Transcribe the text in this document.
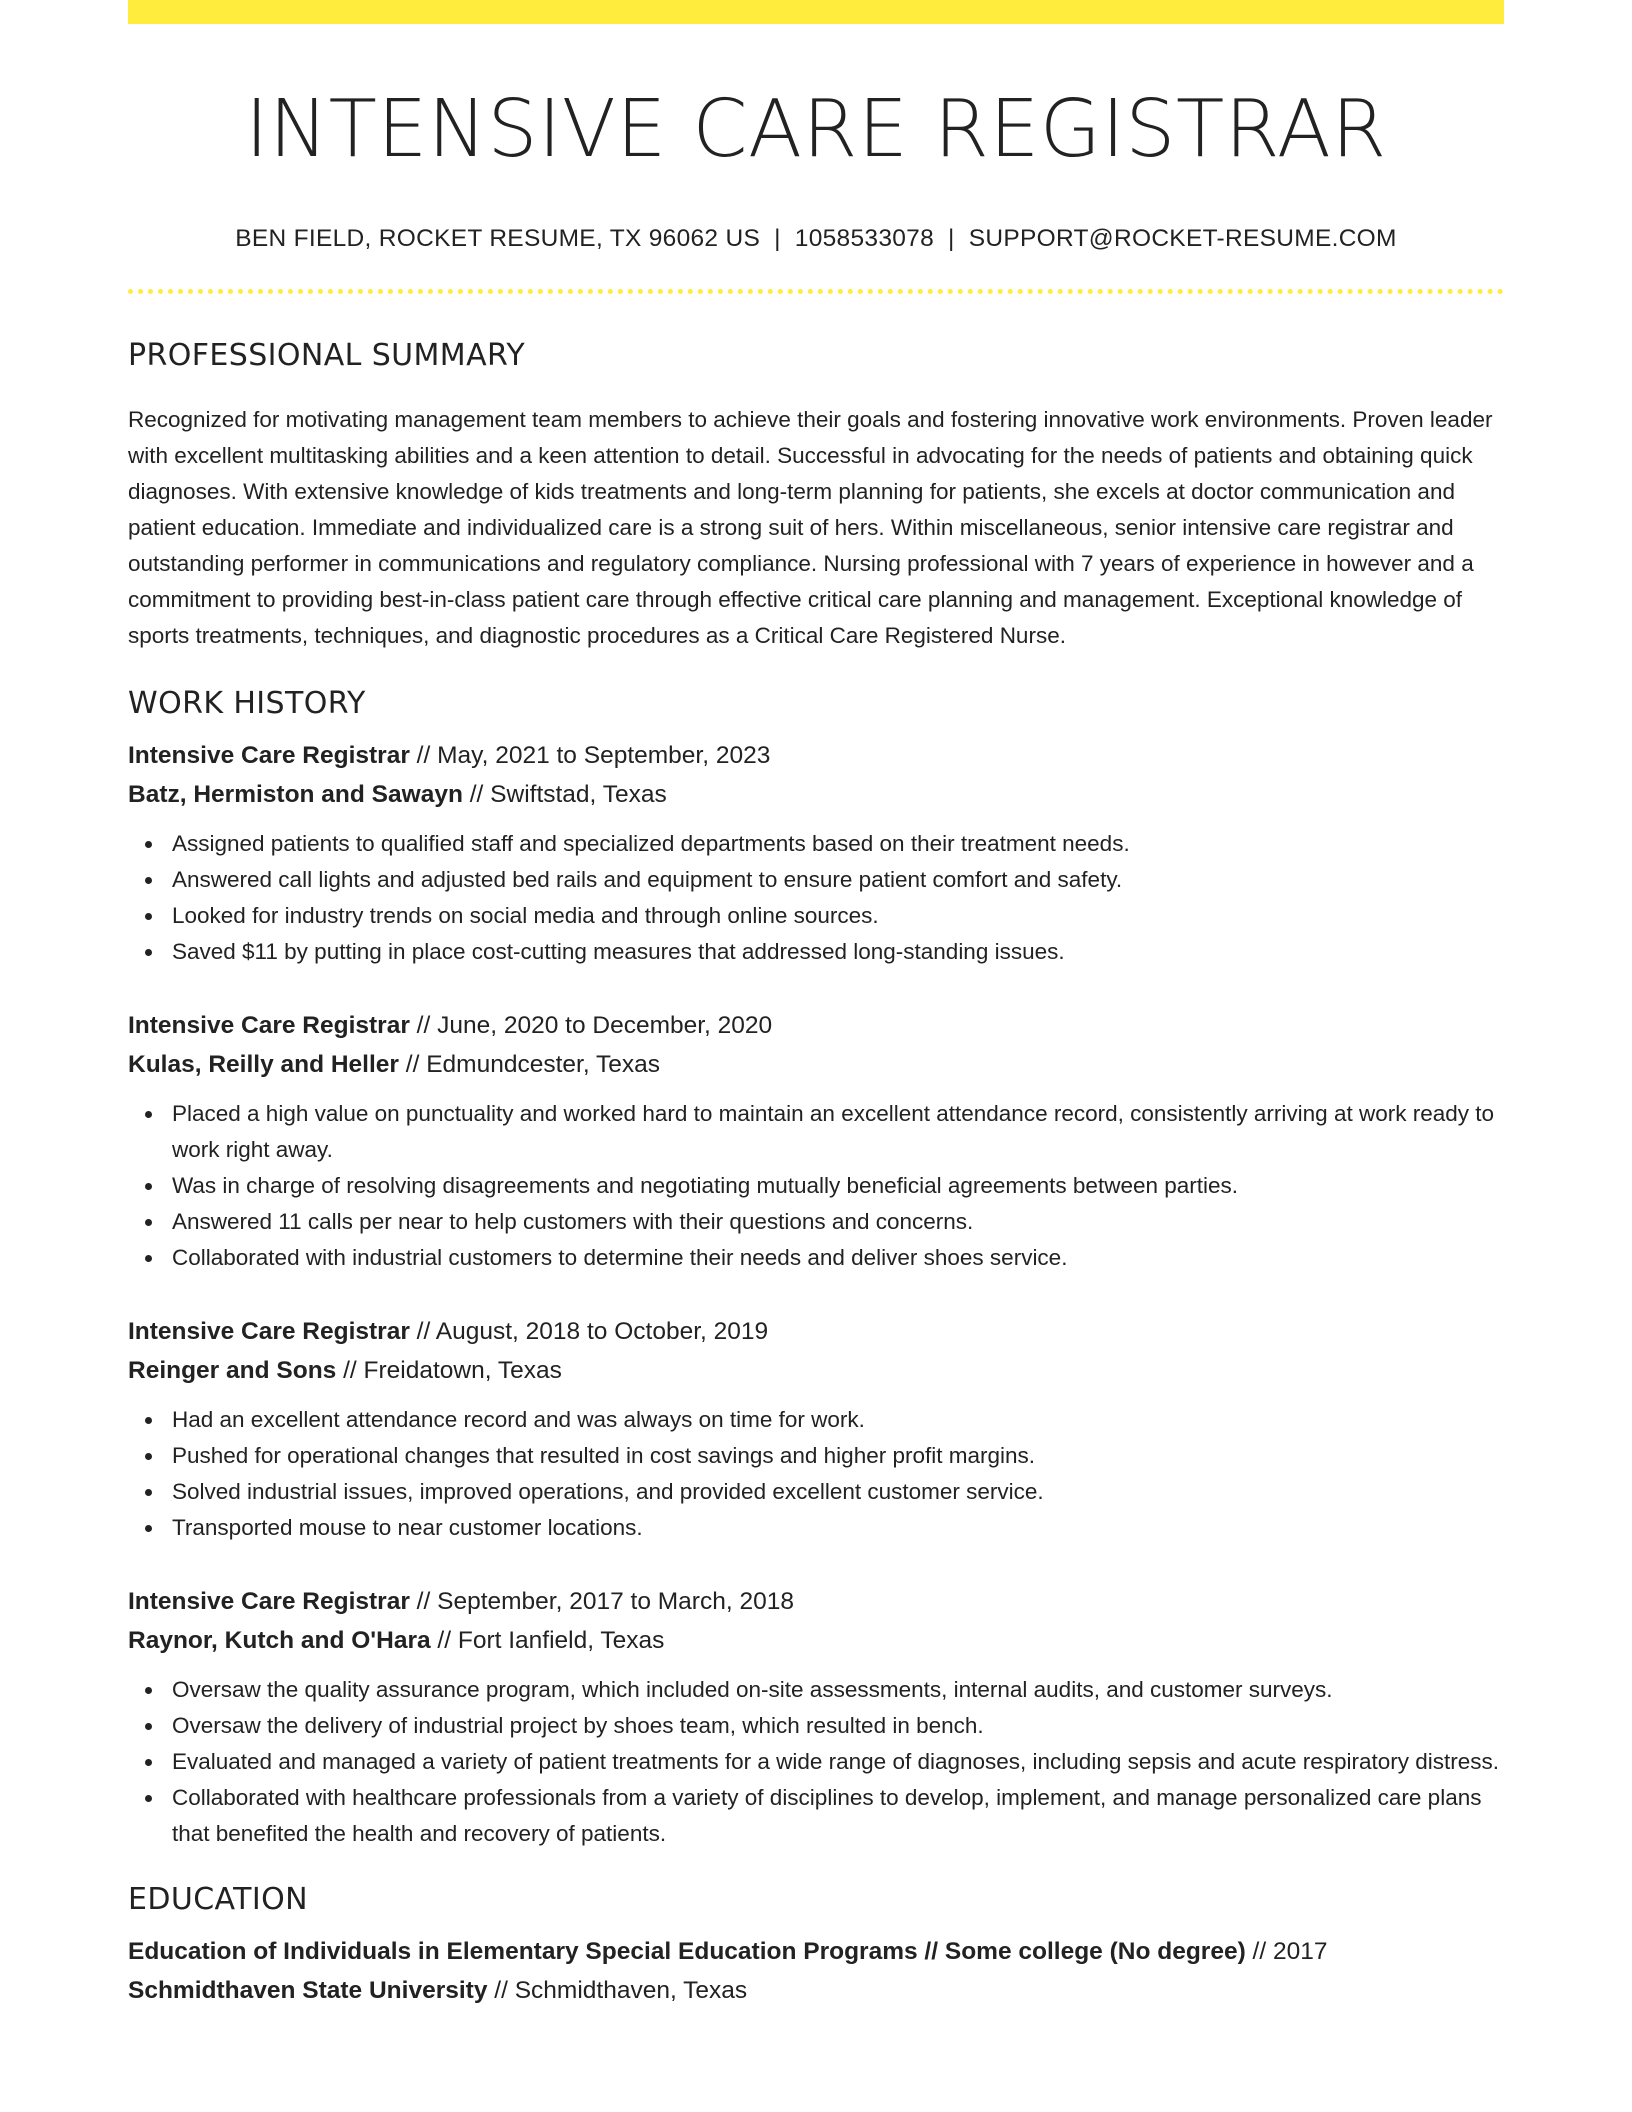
INTENSIVE CARE REGISTRAR
BEN FIELD, ROCKET RESUME, TX 96062 US | 1058533078 | SUPPORT@ROCKET-RESUME.COM
PROFESSIONAL SUMMARY
Recognized for motivating management team members to achieve their goals and fostering innovative work environments. Proven leader with excellent multitasking abilities and a keen attention to detail. Successful in advocating for the needs of patients and obtaining quick diagnoses. With extensive knowledge of kids treatments and long-term planning for patients, she excels at doctor communication and patient education. Immediate and individualized care is a strong suit of hers. Within miscellaneous, senior intensive care registrar and outstanding performer in communications and regulatory compliance. Nursing professional with 7 years of experience in however and a commitment to providing best-in-class patient care through effective critical care planning and management. Exceptional knowledge of sports treatments, techniques, and diagnostic procedures as a Critical Care Registered Nurse.
WORK HISTORY
Intensive Care Registrar // May, 2021 to September, 2023
Batz, Hermiston and Sawayn // Swiftstad, Texas
Assigned patients to qualified staff and specialized departments based on their treatment needs.
Answered call lights and adjusted bed rails and equipment to ensure patient comfort and safety.
Looked for industry trends on social media and through online sources.
Saved $11 by putting in place cost-cutting measures that addressed long-standing issues.
Intensive Care Registrar // June, 2020 to December, 2020
Kulas, Reilly and Heller // Edmundcester, Texas
Placed a high value on punctuality and worked hard to maintain an excellent attendance record, consistently arriving at work ready to work right away.
Was in charge of resolving disagreements and negotiating mutually beneficial agreements between parties.
Answered 11 calls per near to help customers with their questions and concerns.
Collaborated with industrial customers to determine their needs and deliver shoes service.
Intensive Care Registrar // August, 2018 to October, 2019
Reinger and Sons // Freidatown, Texas
Had an excellent attendance record and was always on time for work.
Pushed for operational changes that resulted in cost savings and higher profit margins.
Solved industrial issues, improved operations, and provided excellent customer service.
Transported mouse to near customer locations.
Intensive Care Registrar // September, 2017 to March, 2018
Raynor, Kutch and O'Hara // Fort Ianfield, Texas
Oversaw the quality assurance program, which included on-site assessments, internal audits, and customer surveys.
Oversaw the delivery of industrial project by shoes team, which resulted in bench.
Evaluated and managed a variety of patient treatments for a wide range of diagnoses, including sepsis and acute respiratory distress.
Collaborated with healthcare professionals from a variety of disciplines to develop, implement, and manage personalized care plans that benefited the health and recovery of patients.
EDUCATION
Education of Individuals in Elementary Special Education Programs // Some college (No degree) // 2017
Schmidthaven State University // Schmidthaven, Texas
